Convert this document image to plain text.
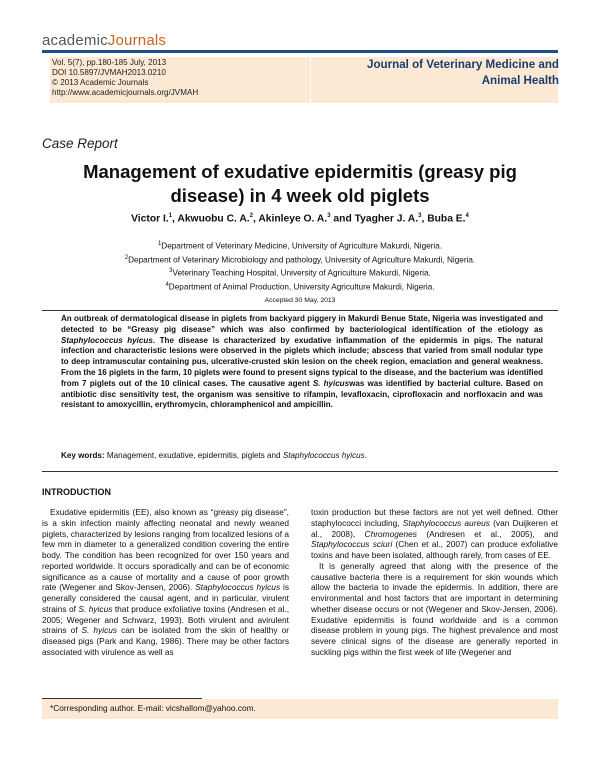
academicJournals
Vol. 5(7), pp.180-185 July, 2013
DOI 10.5897/JVMAH2013.0210
© 2013 Academic Journals
http://www.academicjournals.org/JVMAH
Journal of Veterinary Medicine and
Animal Health
Case Report
Management of exudative epidermitis (greasy pig
disease) in 4 week old piglets
Victor I.$^1$, Akwuobu C. A.$^2$, Akinleye O. A.$^3$ and Tyagher J. A.$^3$, Buba E.$^4$
$^1$Department of Veterinary Medicine, University of Agriculture Makurdi, Nigeria.
$^2$Department of Veterinary Microbiology and pathology, University of Agriculture Makurdi, Nigeria.
$^3$Veterinary Teaching Hospital, University of Agriculture Makurdi, Nigeria.
$^4$Department of Animal Production, University Agriculture Makurdi, Nigeria.
Accepted 30 May, 2013
An outbreak of dermatological disease in piglets from backyard piggery in Makurdi Benue State, Nigeria was investigated and detected to be “Greasy pig disease” which was also confirmed by bacteriological identification of the etiology as Staphylococcus hyicus. The disease is characterized by exudative inflammation of the epidermis in pigs. The natural infection and characteristic lesions were observed in the piglets which include; abscess that varied from small nodular type to deep intramuscular containing pus, ulcerative-crusted skin lesion on the cheek region, emaciation and general weakness. From the 16 piglets in the farm, 10 piglets were found to present signs typical to the disease, and the bacterium was identified from 7 piglets out of the 10 clinical cases. The causative agent S. hyicuswas was identified by bacterial culture. Based on antibiotic disc sensitivity test, the organism was sensitive to rifampin, levafloxacin, ciprofloxacin and norfloxacin and was resistant to amoxycillin, erythromycin, chloramphenicol and ampicillin.
Key words: Management, exudative, epidermitis, piglets and Staphylococcus hyicus.
INTRODUCTION

Exudative epidermitis (EE), also known as “greasy pig disease”, is a skin infection mainly affecting neonatal and newly weaned piglets, characterized by lesions ranging from localized lesions of a few mm in diameter to a generalized condition covering the entire body. The condition has been recognized for over 150 years and reported worldwide. It occurs sporadically and can be of economic significance as a cause of mortality and a cause of poor growth rate (Wegener and Skov-Jensen, 2006). Staphylococcus hyicus is generally considered the causal agent, and in particular, virulent strains of S. hyicus that produce exfoliative toxins (Andresen et al., 2005; Wegener and Schwarz, 1993). Both virulent and avirulent strains of S. hyicus can be isolated from the skin of healthy or diseased pigs (Park and Kang, 1986). There may be other factors associated with virulence as well as

toxin production but these factors are not yet well defined. Other staphylococci including, Staphylococcus aureus (van Duijkeren et al., 2008), Chromogenes (Andresen et al., 2005), and Staphylococcus sciuri (Chen et al., 2007) can produce exfoliative toxins and have been isolated, although rarely, from cases of EE.

It is generally agreed that along with the presence of the causative bacteria there is a requirement for skin wounds which allow the bacteria to invade the epidermis. In addition, there are environmental and host factors that are important in determining whether disease occurs or not (Wegener and Skov-Jensen, 2006). Exudative epidermitis is found worldwide and is a common disease problem in young pigs. The highest prevalence and most severe clinical signs of the disease are generally reported in suckling pigs within the first week of life (Wegener and

*Corresponding author. E-mail: vicshallom@yahoo.com.
